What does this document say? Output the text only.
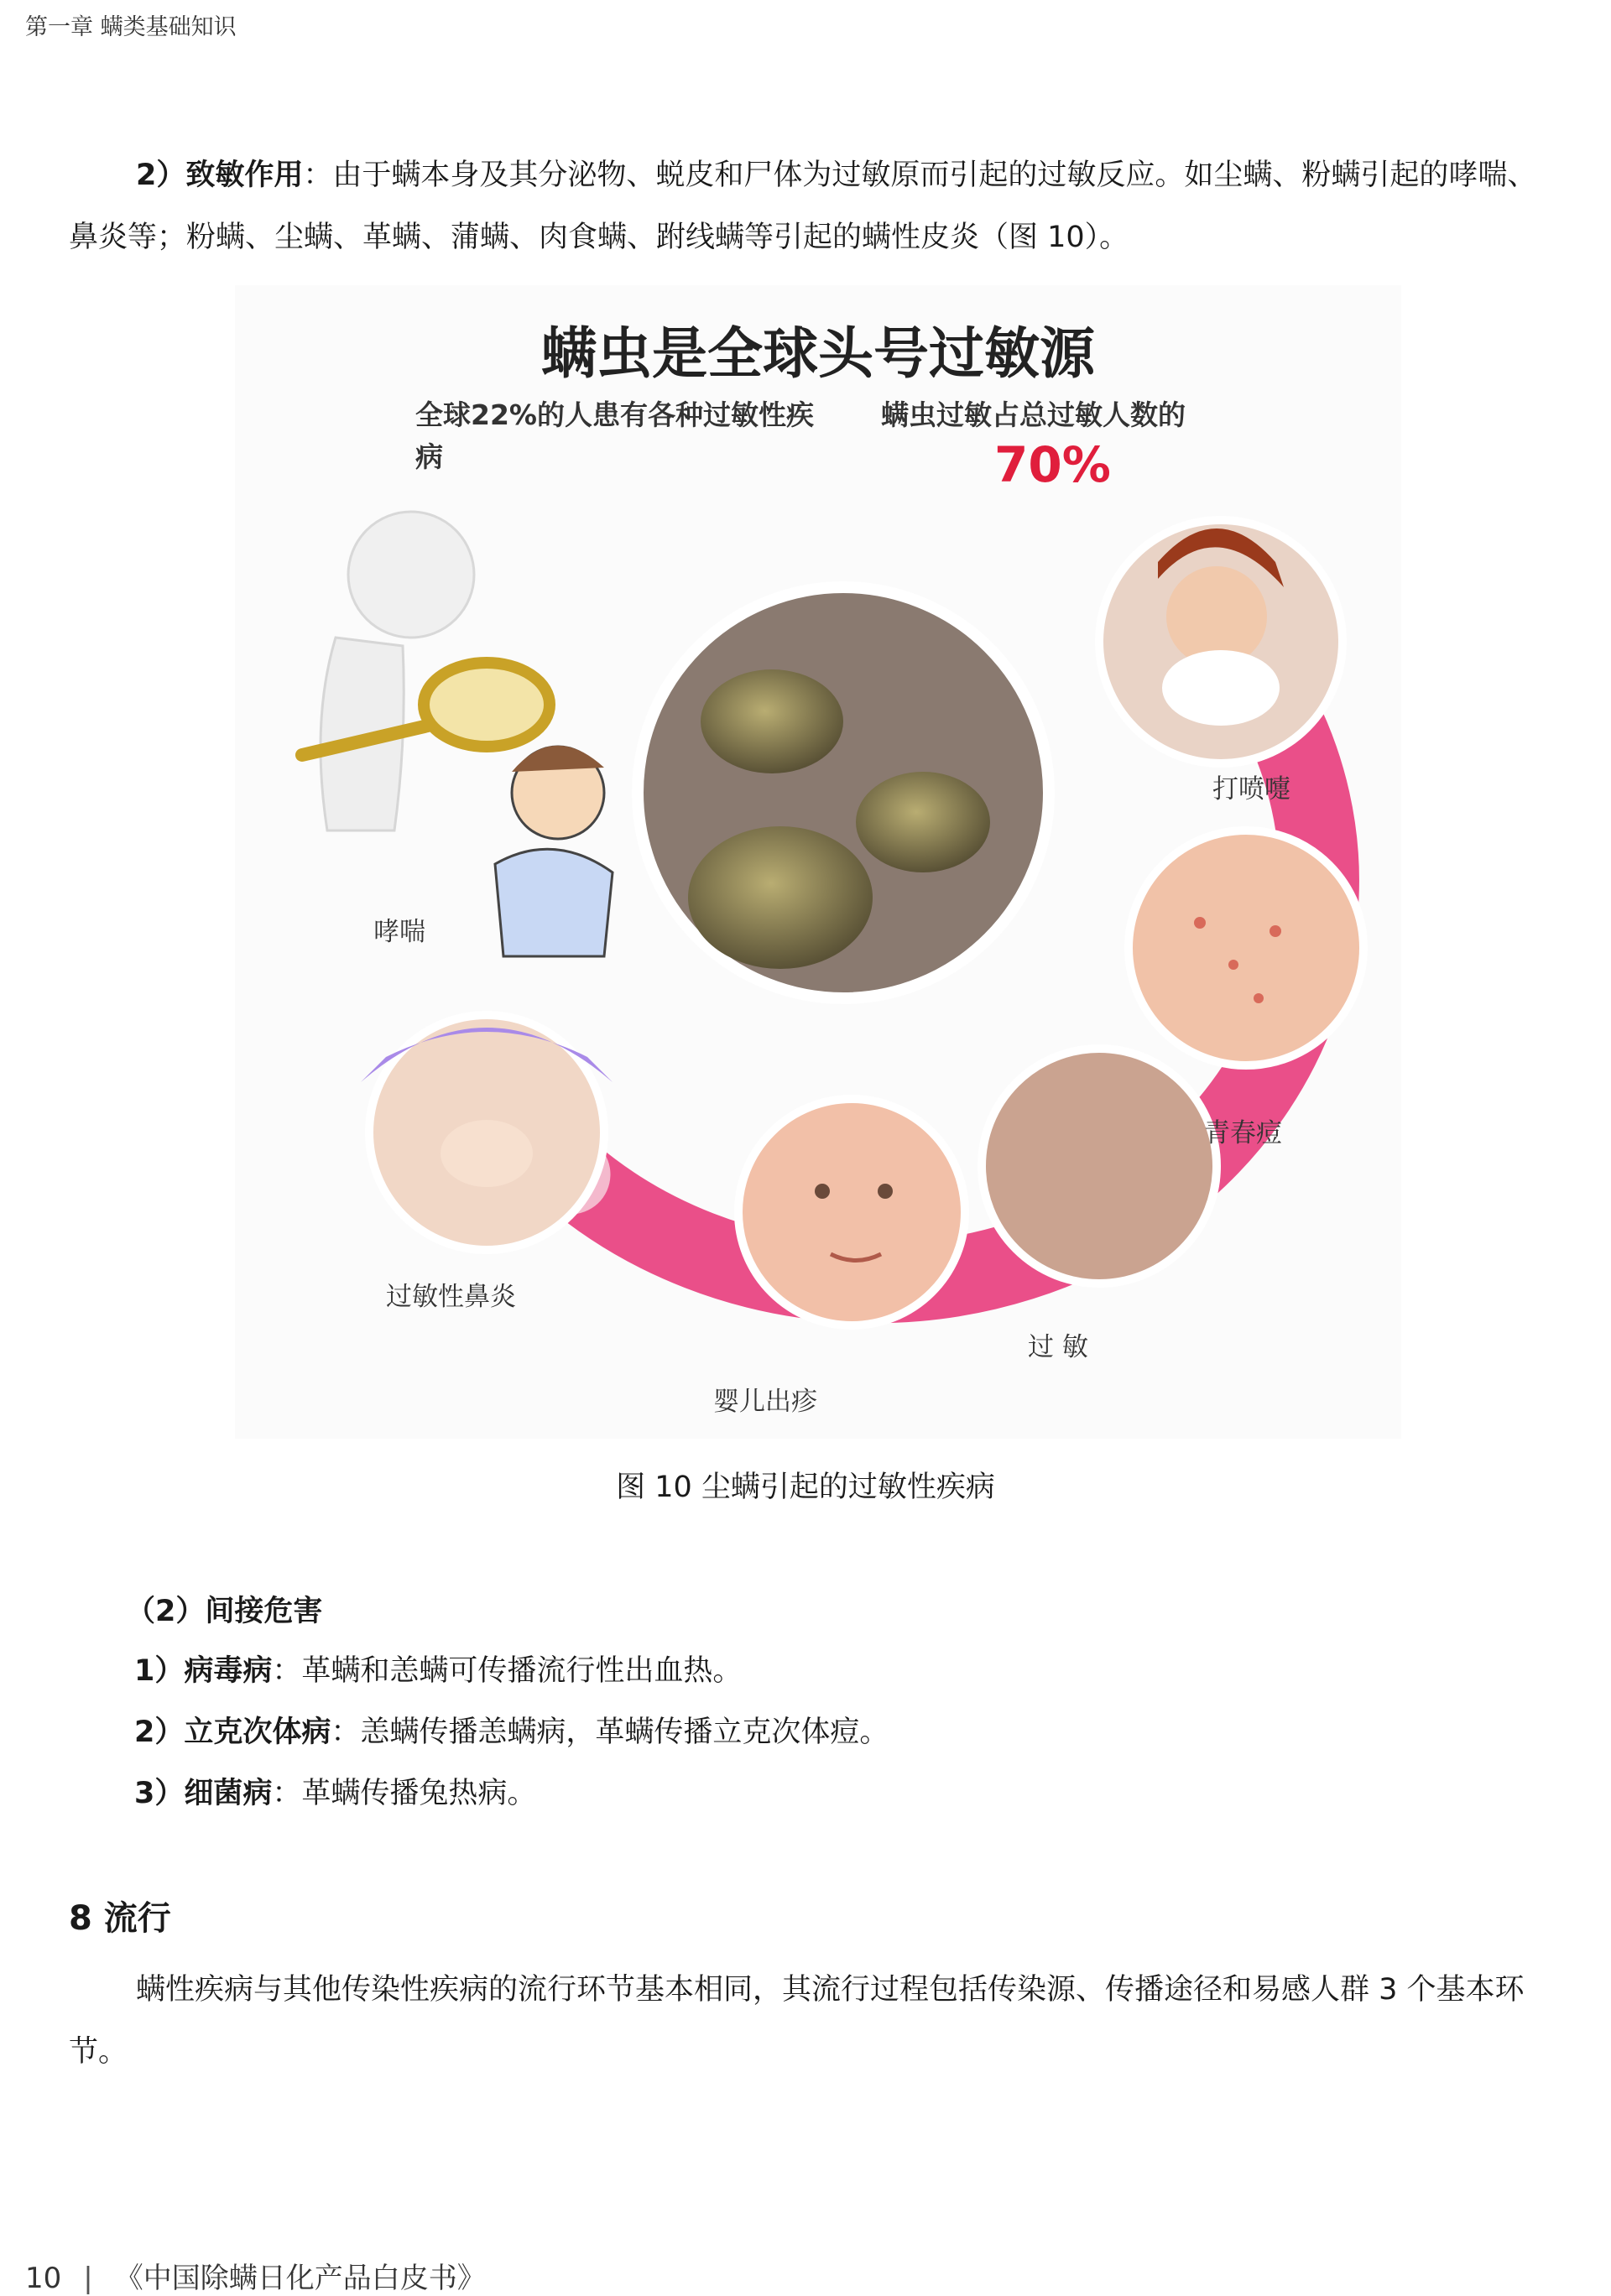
第一章 螨类基础知识
2）致敏作用：由于螨本身及其分泌物、蜕皮和尸体为过敏原而引起的过敏反应。如尘螨、粉螨引起的哮喘、鼻炎等；粉螨、尘螨、革螨、蒲螨、肉食螨、跗线螨等引起的螨性皮炎（图 10）。
螨虫是全球头号过敏源
全球22%的人患有各种过敏性疾病
螨虫过敏占总过敏人数的
70%
打喷嚏
哮喘
青春痘
过敏性鼻炎
过 敏
婴儿出疹
图 10 尘螨引起的过敏性疾病
（2）间接危害
1）病毒病：革螨和恙螨可传播流行性出血热。
2）立克次体病：恙螨传播恙螨病，革螨传播立克次体痘。
3）细菌病：革螨传播兔热病。
8 流行
螨性疾病与其他传染性疾病的流行环节基本相同，其流行过程包括传染源、传播途径和易感人群 3 个基本环节。
10 | 《中国除螨日化产品白皮书》
